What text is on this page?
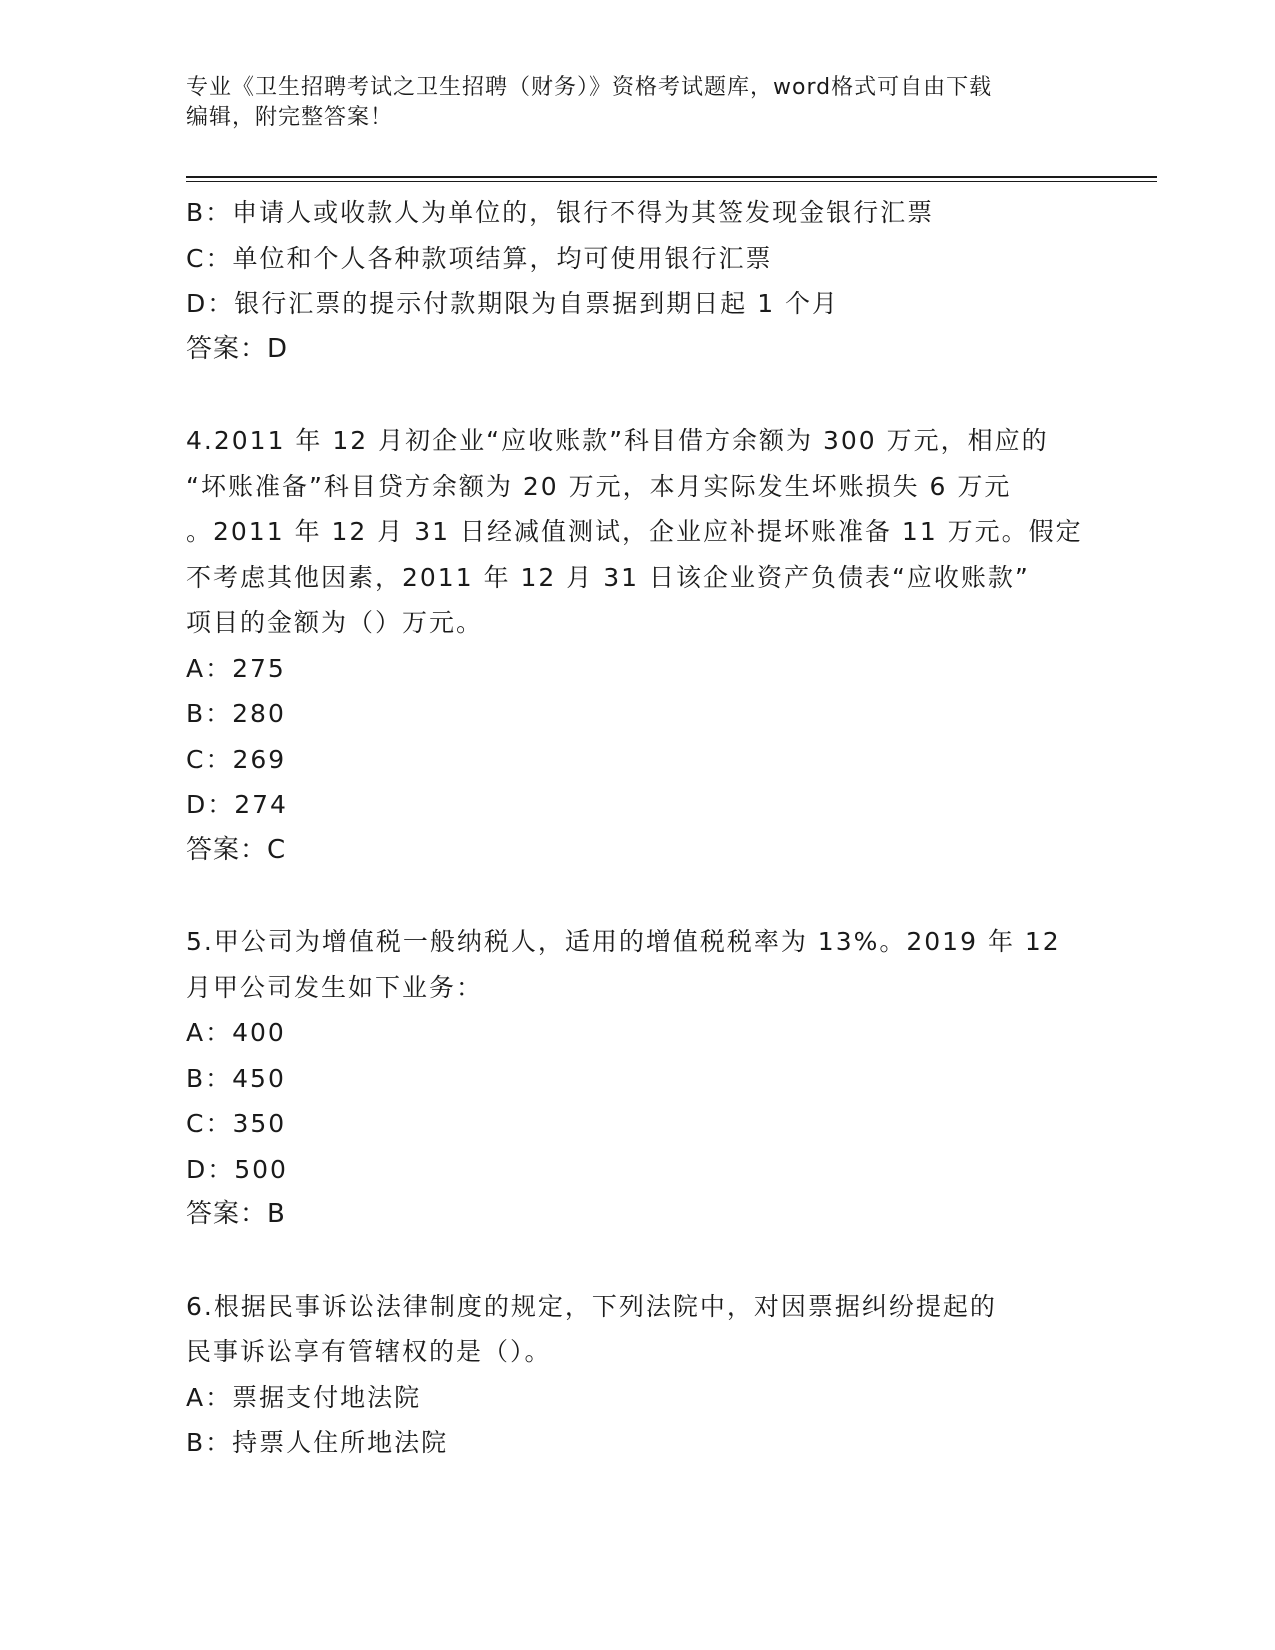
专业《卫生招聘考试之卫生招聘（财务）》资格考试题库，word格式可自由下载
编辑，附完整答案！
B：申请人或收款人为单位的，银行不得为其签发现金银行汇票
C：单位和个人各种款项结算，均可使用银行汇票
D：银行汇票的提示付款期限为自票据到期日起 1 个月
答案：D
4.2011 年 12 月初企业“应收账款”科目借方余额为 300 万元，相应的
“坏账准备”科目贷方余额为 20 万元，本月实际发生坏账损失 6 万元
。2011 年 12 月 31 日经减值测试，企业应补提坏账准备 11 万元。假定
不考虑其他因素，2011 年 12 月 31 日该企业资产负债表“应收账款”
项目的金额为（）万元。
A：275
B：280
C：269
D：274
答案：C
5.甲公司为增值税一般纳税人，适用的增值税税率为 13%。2019 年 12
月甲公司发生如下业务：
A：400
B：450
C：350
D：500
答案：B
6.根据民事诉讼法律制度的规定，下列法院中，对因票据纠纷提起的
民事诉讼享有管辖权的是（）。
A：票据支付地法院
B：持票人住所地法院
